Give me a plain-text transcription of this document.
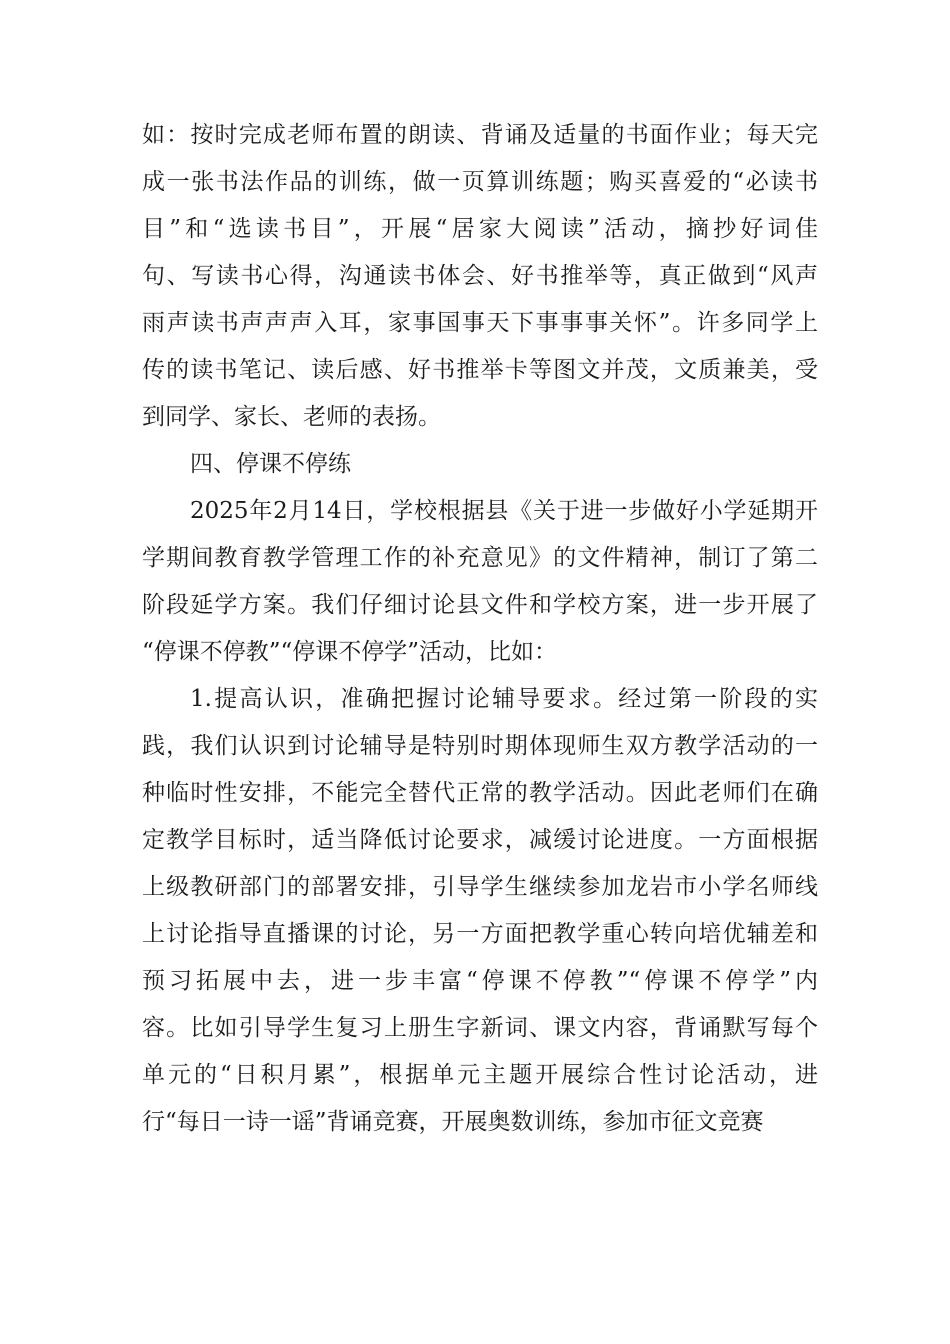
如：按时完成老师布置的朗读、背诵及适量的书面作业；每天完
成一张书法作品的训练，做一页算训练题；购买喜爱的“必读书
目”和“选读书目”，开展“居家大阅读”活动，摘抄好词佳
句、写读书心得，沟通读书体会、好书推举等，真正做到“风声
雨声读书声声声入耳，家事国事天下事事事关怀”。许多同学上
传的读书笔记、读后感、好书推举卡等图文并茂，文质兼美，受
到同学、家长、老师的表扬。
四、停课不停练
2025年2月14日，学校根据县《关于进一步做好小学延期开
学期间教育教学管理工作的补充意见》的文件精神，制订了第二
阶段延学方案。我们仔细讨论县文件和学校方案，进一步开展了
“停课不停教”“停课不停学”活动，比如：
1.提高认识，准确把握讨论辅导要求。经过第一阶段的实
践，我们认识到讨论辅导是特别时期体现师生双方教学活动的一
种临时性安排，不能完全替代正常的教学活动。因此老师们在确
定教学目标时，适当降低讨论要求，减缓讨论进度。一方面根据
上级教研部门的部署安排，引导学生继续参加龙岩市小学名师线
上讨论指导直播课的讨论，另一方面把教学重心转向培优辅差和
预习拓展中去，进一步丰富“停课不停教”“停课不停学”内
容。比如引导学生复习上册生字新词、课文内容，背诵默写每个
单元的“日积月累”，根据单元主题开展综合性讨论活动，进
行“每日一诗一谣”背诵竞赛，开展奥数训练，参加市征文竞赛
